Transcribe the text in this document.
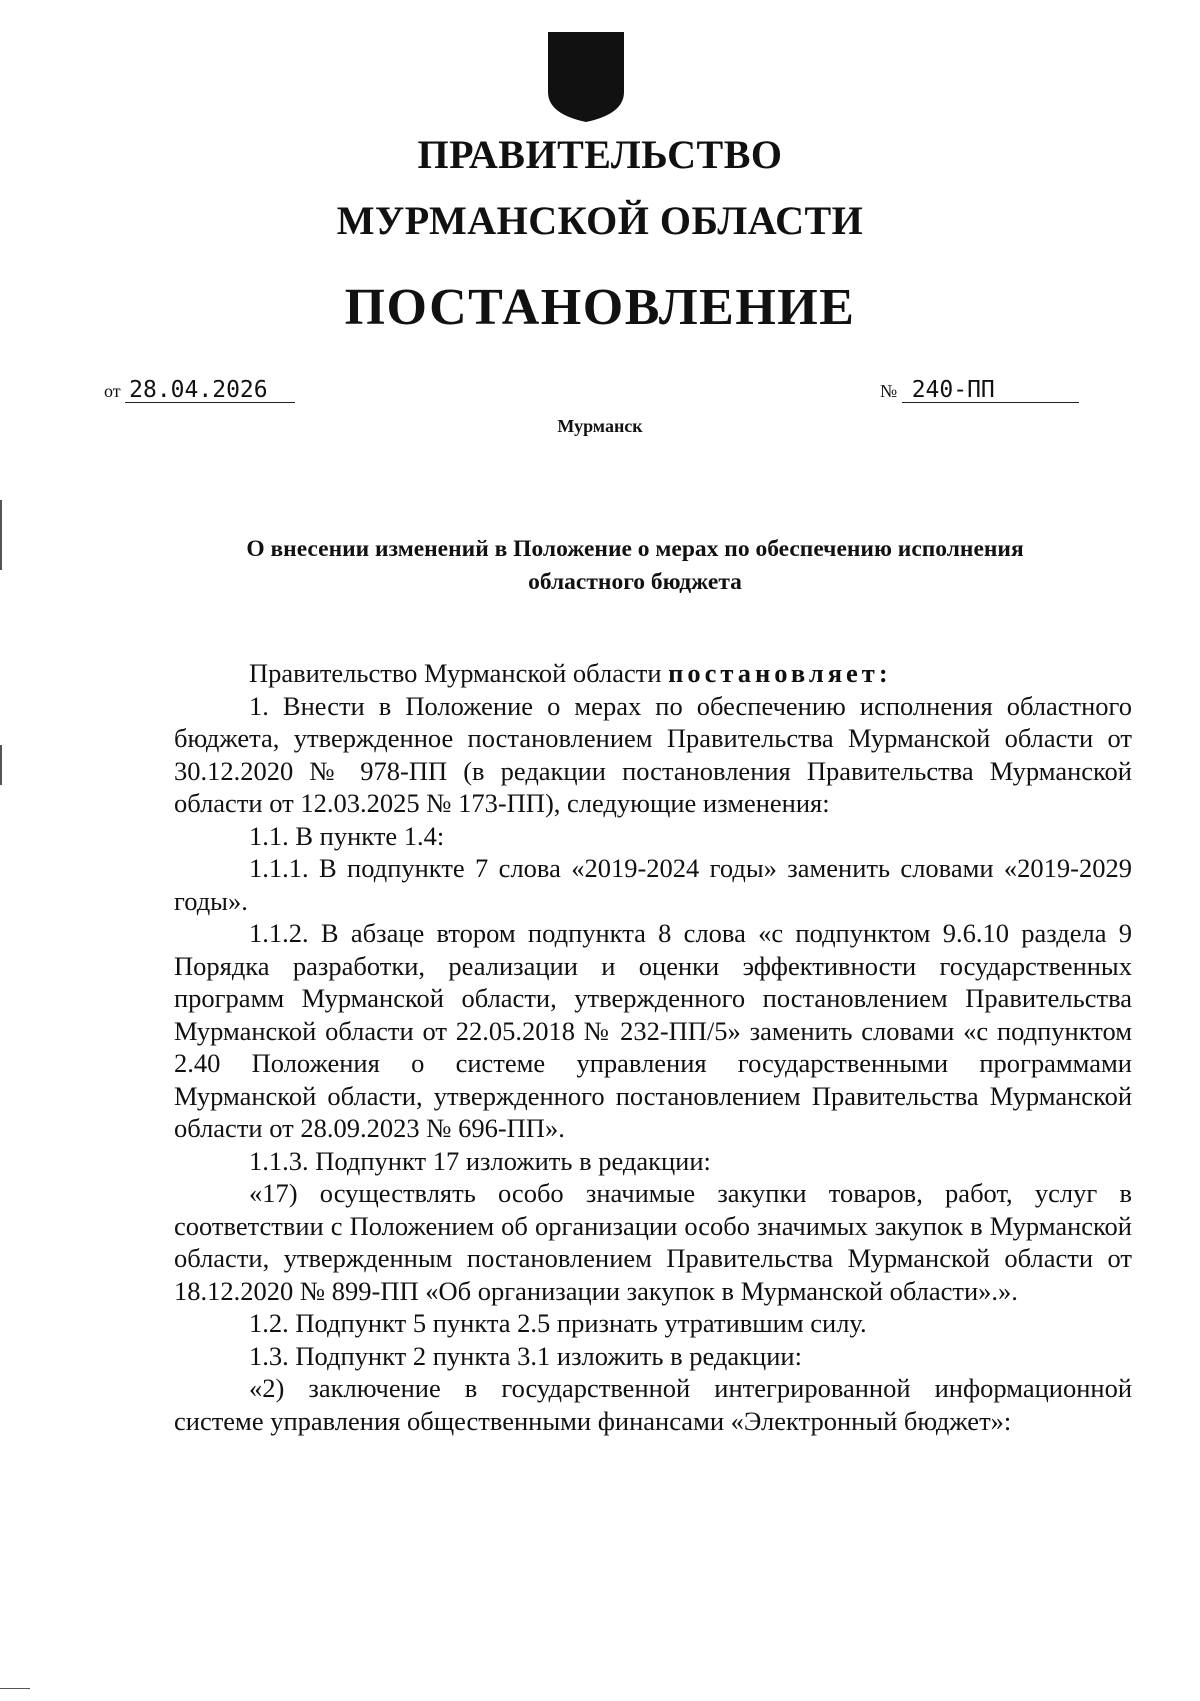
ПРАВИТЕЛЬСТВО
МУРМАНСКОЙ ОБЛАСТИ
ПОСТАНОВЛЕНИЕ
от 28.04.2026	№ 240-ПП
Мурманск
О внесении изменений в Положение о мерах по обеспечению исполнения
областного бюджета

Правительство Мурманской области постановляет:

1. Внести в Положение о мерах по обеспечению исполнения областного бюджета, утвержденное постановлением Правительства Мурманской области от 30.12.2020 № 978-ПП (в редакции постановления Правительства Мурманской области от 12.03.2025 № 173-ПП), следующие изменения:

1.1. В пункте 1.4:

1.1.1. В подпункте 7 слова «2019-2024 годы» заменить словами «2019-2029 годы».

1.1.2. В абзаце втором подпункта 8 слова «с подпунктом 9.6.10 раздела 9 Порядка разработки, реализации и оценки эффективности государственных программ Мурманской области, утвержденного постановлением Правительства Мурманской области от 22.05.2018 № 232-ПП/5» заменить словами «с подпунктом 2.40 Положения о системе управления государственными программами Мурманской области, утвержденного постановлением Правительства Мурманской области от 28.09.2023 № 696-ПП».

1.1.3. Подпункт 17 изложить в редакции:

«17) осуществлять особо значимые закупки товаров, работ, услуг в соответствии с Положением об организации особо значимых закупок в Мурманской области, утвержденным постановлением Правительства Мурманской области от 18.12.2020 № 899-ПП «Об организации закупок в Мурманской области».».

1.2. Подпункт 5 пункта 2.5 признать утратившим силу.

1.3. Подпункт 2 пункта 3.1 изложить в редакции:

«2) заключение в государственной интегрированной информационной системе управления общественными финансами «Электронный бюджет»:
